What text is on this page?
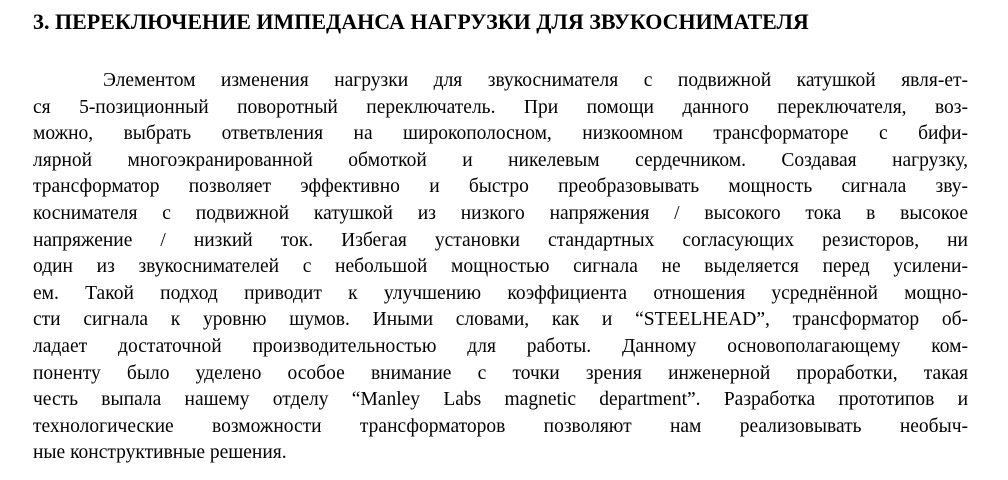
3. ПЕРЕКЛЮЧЕНИЕ ИМПЕДАНСА НАГРУЗКИ ДЛЯ ЗВУКОСНИМАТЕЛЯ
Элементом изменения нагрузки для звукоснимателя с подвижной катушкой явля-ет-
ся 5-позиционный поворотный переключатель. При помощи данного переключателя, воз-
можно, выбрать ответвления на широкополосном, низкоомном трансформаторе с бифи-
лярной многоэкранированной обмоткой и никелевым сердечником. Создавая нагрузку,
трансформатор позволяет эффективно и быстро преобразовывать мощность сигнала зву-
коснимателя с подвижной катушкой из низкого напряжения / высокого тока в высокое
напряжение / низкий ток. Избегая установки стандартных согласующих резисторов, ни
один из звукоснимателей с небольшой мощностью сигнала не выделяется перед усилени-
ем. Такой подход приводит к улучшению коэффициента отношения усреднённой мощно-
сти сигнала к уровню шумов. Иными словами, как и “STEELHEAD”, трансформатор об-
ладает достаточной производительностью для работы. Данному основополагающему ком-
поненту было уделено особое внимание с точки зрения инженерной проработки, такая
честь выпала нашему отделу “Manley Labs magnetic department”. Разработка прототипов и
технологические возможности трансформаторов позволяют нам реализовывать необыч-
ные конструктивные решения.
